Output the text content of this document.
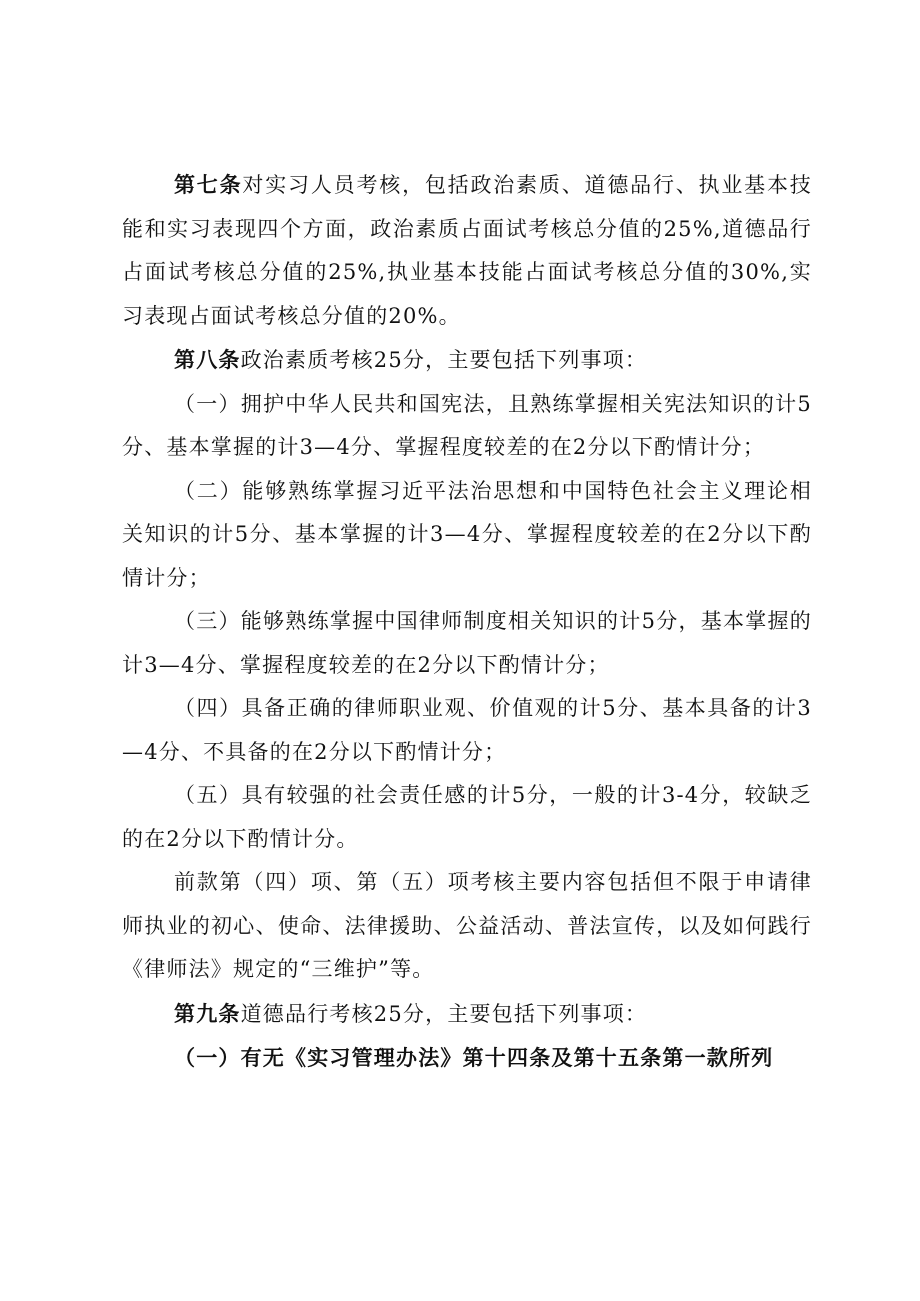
第七条对实习人员考核，包括政治素质、道德品行、执业基本技能和实习表现四个方面，政治素质占面试考核总分值的25%,道德品行占面试考核总分值的25%,执业基本技能占面试考核总分值的30%,实习表现占面试考核总分值的20%。

第八条政治素质考核25分，主要包括下列事项：

（一）拥护中华人民共和国宪法，且熟练掌握相关宪法知识的计5分、基本掌握的计3—4分、掌握程度较差的在2分以下酌情计分；

（二）能够熟练掌握习近平法治思想和中国特色社会主义理论相关知识的计5分、基本掌握的计3—4分、掌握程度较差的在2分以下酌情计分；

（三）能够熟练掌握中国律师制度相关知识的计5分，基本掌握的计3—4分、掌握程度较差的在2分以下酌情计分；

（四）具备正确的律师职业观、价值观的计5分、基本具备的计3—4分、不具备的在2分以下酌情计分；

（五）具有较强的社会责任感的计5分，一般的计3-4分，较缺乏的在2分以下酌情计分。

前款第（四）项、第（五）项考核主要内容包括但不限于申请律师执业的初心、使命、法律援助、公益活动、普法宣传，以及如何践行《律师法》规定的“三维护”等。

第九条道德品行考核25分，主要包括下列事项：

（一）有无《实习管理办法》第十四条及第十五条第一款所列
